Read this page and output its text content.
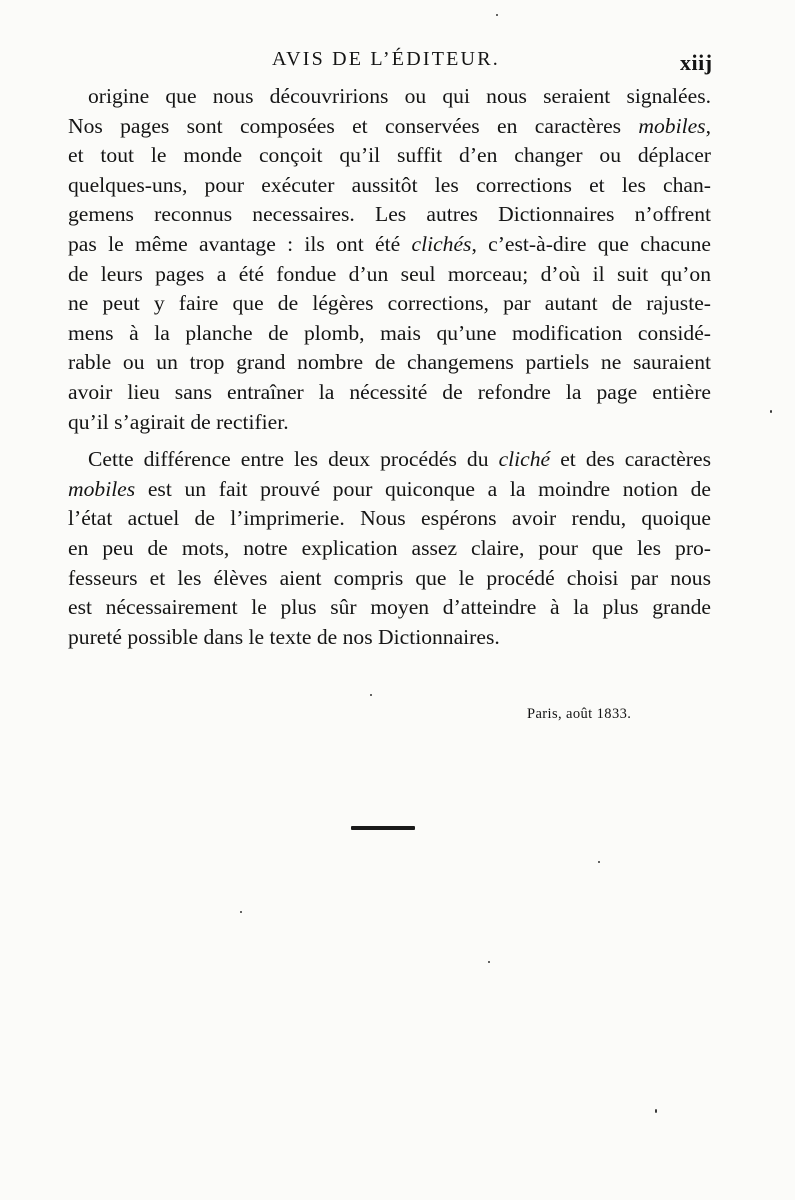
AVIS DE L’ÉDITEUR.	xiij
origine que nous découvririons ou qui nous seraient signalées.
Nos pages sont composées et conservées en caractères mobiles,
et tout le monde conçoit qu’il suffit d’en changer ou déplacer
quelques-uns, pour exécuter aussitôt les corrections et les chan-
gemens reconnus necessaires. Les autres Dictionnaires n’offrent
pas le même avantage : ils ont été clichés, c’est-à-dire que chacune
de leurs pages a été fondue d’un seul morceau; d’où il suit qu’on
ne peut y faire que de légères corrections, par autant de rajuste-
mens à la planche de plomb, mais qu’une modification considé-
rable ou un trop grand nombre de changemens partiels ne sauraient
avoir lieu sans entraîner la nécessité de refondre la page entière
qu’il s’agirait de rectifier.
Cette différence entre les deux procédés du cliché et des caractères
mobiles est un fait prouvé pour quiconque a la moindre notion de
l’état actuel de l’imprimerie. Nous espérons avoir rendu, quoique
en peu de mots, notre explication assez claire, pour que les pro-
fesseurs et les élèves aient compris que le procédé choisi par nous
est nécessairement le plus sûr moyen d’atteindre à la plus grande
pureté possible dans le texte de nos Dictionnaires.
Paris, août 1833.
